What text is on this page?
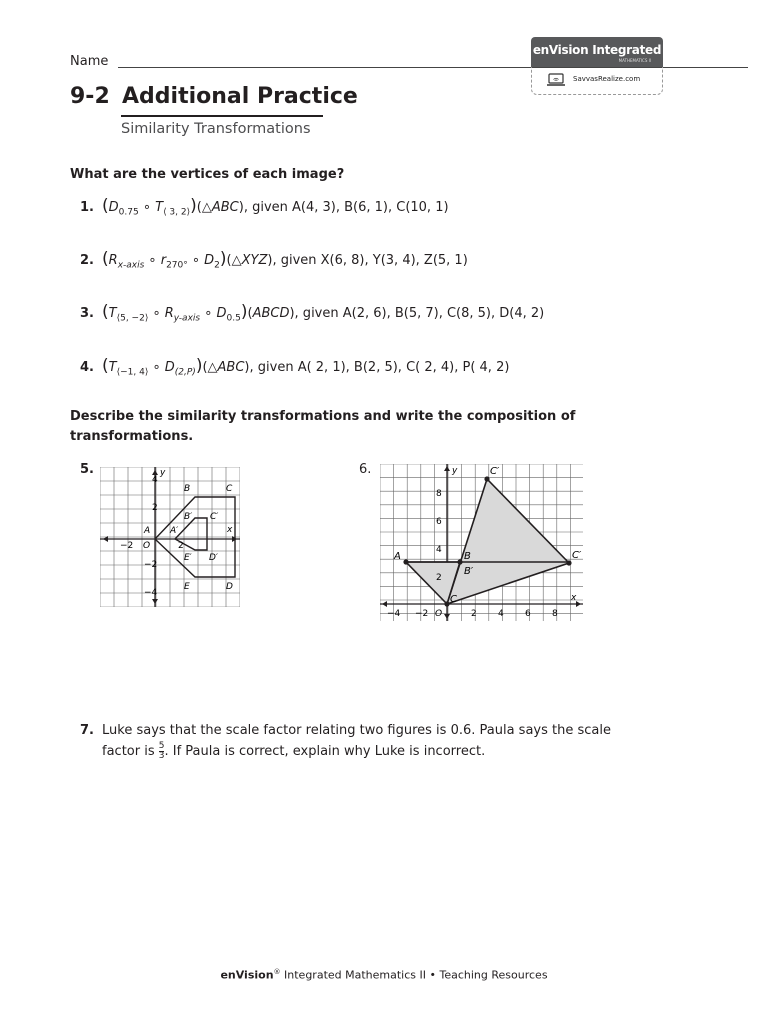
Name
enVision Integrated
MATHEMATICS II
SavvasRealize.com
9-2 Additional Practice
Similarity Transformations
What are the vertices of each image?
1. ($D_{0.75}$ ∘ $T_{⟨ 3, 2⟩})(\triangle ABC)$, given A(4, 3), B(6, 1), C(10, 1)
2. ($R_{x-axis}$ ∘ $r_{270^\circ}$ ∘ $D_2)(\triangle XYZ)$, given X(6, 8), Y(3, 4), Z(5, 1)
3. ($T_{⟨5, -2⟩}$ ∘ $R_{y-axis}$ ∘ $D_{0.5})(ABCD)$, given A(2, 6), B(5, 7), C(8, 5), D(4, 2)
4. ($T_{⟨-1, 4⟩}$ ∘ $D_{(2,P)})(\triangle ABC)$, given A( 2, 1), B(2, 5), C( 2, 4), P( 4, 2)
Describe the similarity transformations and write the composition of
transformations.
5.
4
y
2
−2
−4
−2 O	2
x
A
B	C
D
E
A′
B′ C′
D′
E′
6.	y
8
6
4
2
−4 −2 O	2 4 6 8
x
A	B
B′
C
C′
C′
7. Luke says that the scale factor relating two figures is 0.6. Paula says the scale
factor is $\frac{5}{3}$ . If Paula is correct, explain why Luke is incorrect.
enVision® Integrated Mathematics II • Teaching Resources
